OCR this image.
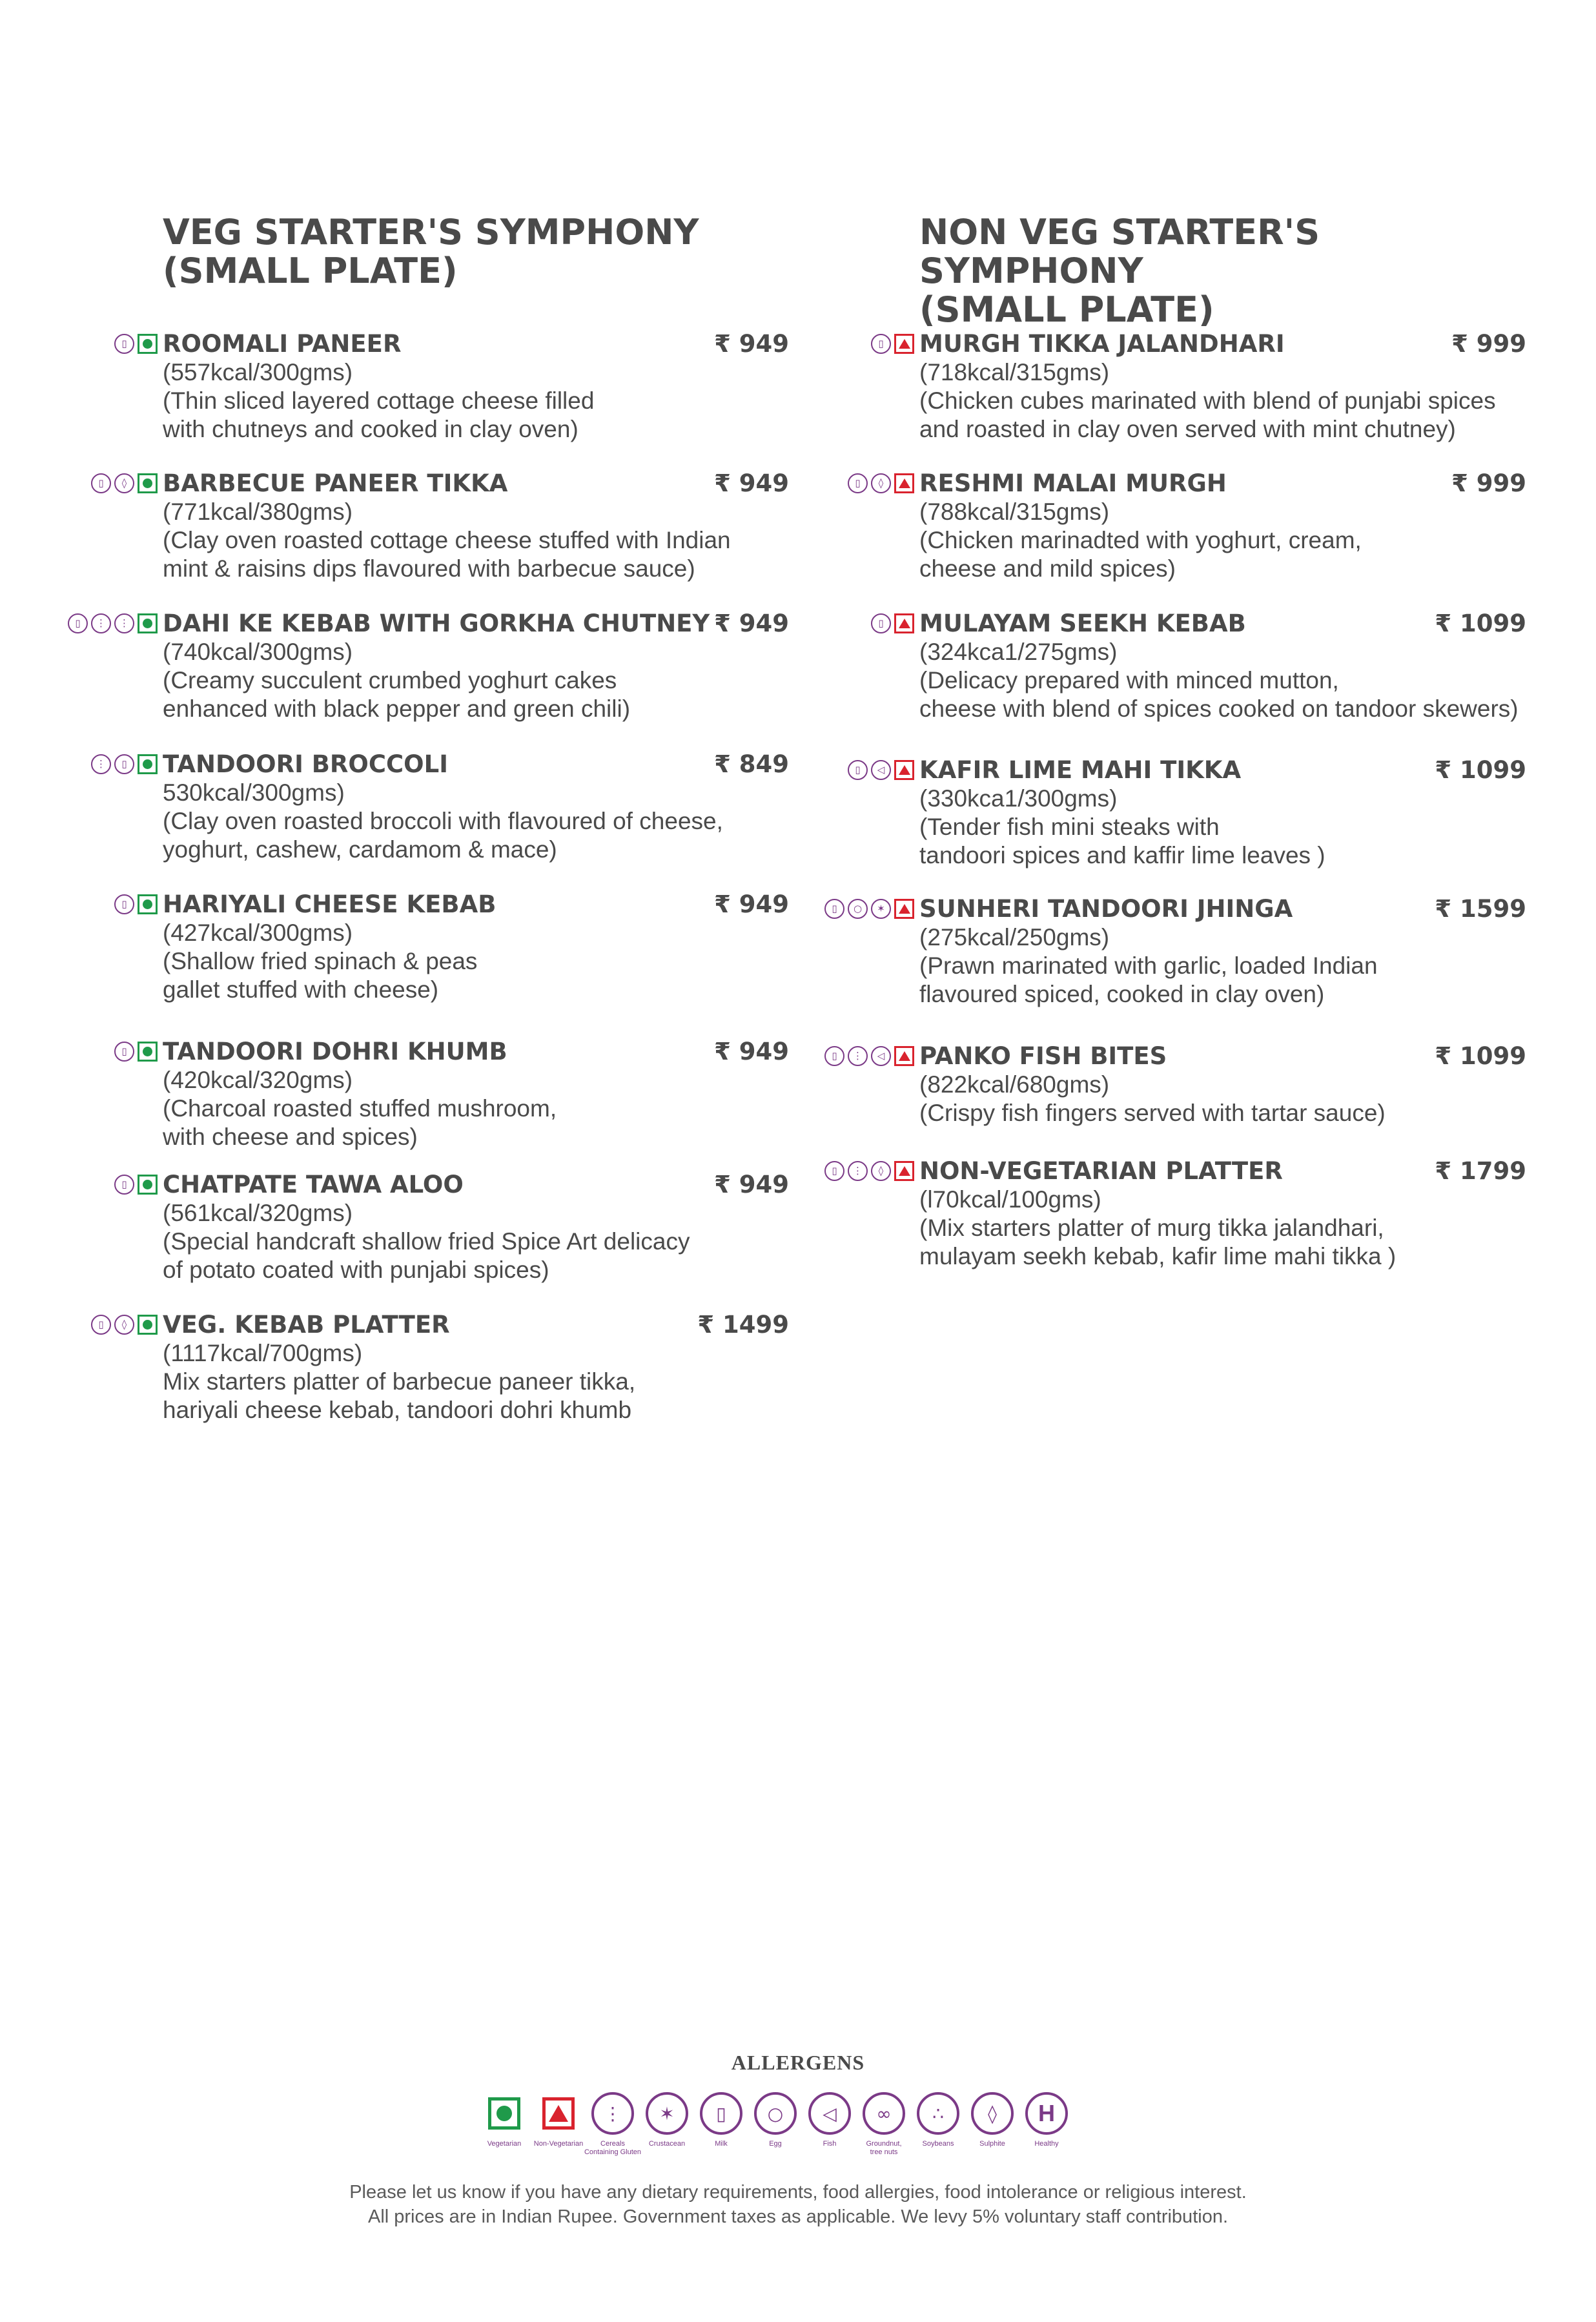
VEG STARTER'S SYMPHONY
(SMALL PLATE)
▯	ROOMALI PANEER	₹ 949
(557kcal/300gms)
(Thin sliced layered cottage cheese filled
with chutneys and cooked in clay oven)
▯	◊	BARBECUE PANEER TIKKA	₹ 949
(771kcal/380gms)
(Clay oven roasted cottage cheese stuffed with Indian
mint & raisins dips flavoured with barbecue sauce)
▯	⋮	⋮ DAHI KE KEBAB WITH GORKHA CHUTNEY ₹ 949
(740kcal/300gms)
(Creamy succulent crumbed yoghurt cakes
enhanced with black pepper and green chili)
⋮	▯	TANDOORI BROCCOLI	₹ 849
530kcal/300gms)
(Clay oven roasted broccoli with flavoured of cheese,
yoghurt, cashew, cardamom & mace)
▯	HARIYALI CHEESE KEBAB	₹ 949
(427kcal/300gms)
(Shallow fried spinach & peas
gallet stuffed with cheese)
▯	TANDOORI DOHRI KHUMB	₹ 949
(420kcal/320gms)
(Charcoal roasted stuffed mushroom,
with cheese and spices)
▯	CHATPATE TAWA ALOO	₹ 949
(561kcal/320gms)
(Special handcraft shallow fried Spice Art delicacy
of potato coated with punjabi spices)
▯	◊	VEG. KEBAB PLATTER	₹ 1499
(1117kcal/700gms)
Mix starters platter of barbecue paneer tikka,
hariyali cheese kebab, tandoori dohri khumb
NON VEG STARTER'S SYMPHONY
(SMALL PLATE)
▯	MURGH TIKKA JALANDHARI	₹ 999
(718kcal/315gms)
(Chicken cubes marinated with blend of punjabi spices
and roasted in clay oven served with mint chutney)
▯	◊	RESHMI MALAI MURGH	₹ 999
(788kcal/315gms)
(Chicken marinadted with yoghurt, cream,
cheese and mild spices)
▯	MULAYAM SEEKH KEBAB	₹ 1099
(324kca1/275gms)
(Delicacy prepared with minced mutton,
cheese with blend of spices cooked on tandoor skewers)
▯	◁ KAFIR LIME MAHI TIKKA	₹ 1099
(330kca1/300gms)
(Tender fish mini steaks with
tandoori spices and kaffir lime leaves )
▯	○	✶ SUNHERI TANDOORI JHINGA	₹ 1599
(275kcal/250gms)
(Prawn marinated with garlic, loaded Indian
flavoured spiced, cooked in clay oven)
▯	⋮	◁ PANKO FISH BITES	₹ 1099
(822kcal/680gms)
(Crispy fish fingers served with tartar sauce)
▯	⋮	◊	NON-VEGETARIAN PLATTER	₹ 1799
(l70kcal/100gms)
(Mix starters platter of murg tikka jalandhari,
mulayam seekh kebab, kafir lime mahi tikka )
ALLERGENS
Vegetarian	Non-Vegetarian
⋮
Cereals
Containing Gluten
✶
Crustacean
▯
Milk
○
Egg
◁
Fish
∞
Groundnut,
tree nuts
∴
Soybeans
◊
Sulphite
H
Healthy
Please let us know if you have any dietary requirements, food allergies, food intolerance or religious interest.
All prices are in Indian Rupee. Government taxes as applicable. We levy 5% voluntary staff contribution.
